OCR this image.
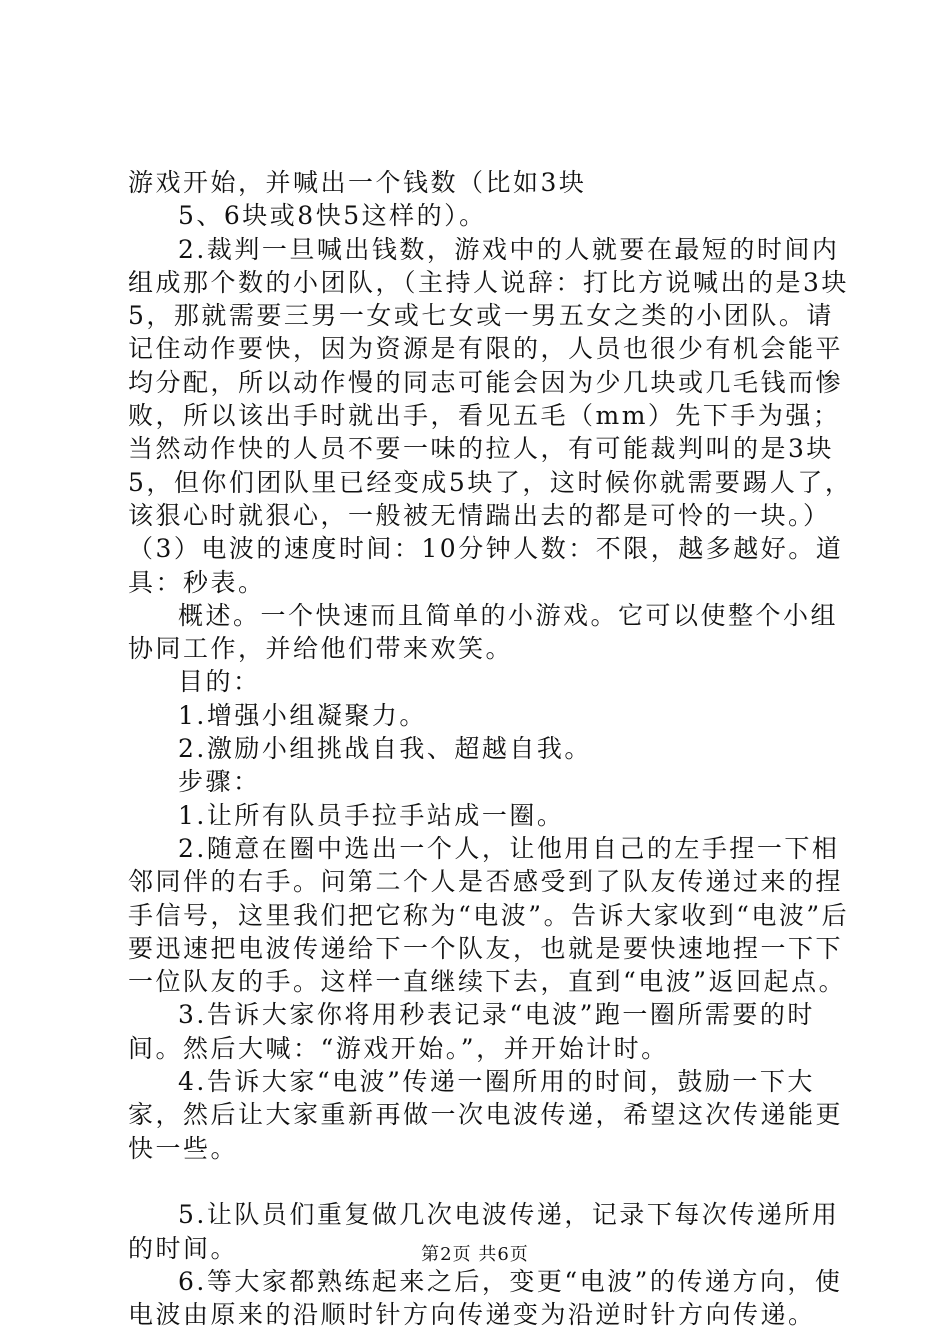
游戏开始，并喊出一个钱数（比如3块

5、6块或8快5这样的）。

2.裁判一旦喊出钱数，游戏中的人就要在最短的时间内组成那个数的小团队，（主持人说辞：打比方说喊出的是3块5，那就需要三男一女或七女或一男五女之类的小团队。请记住动作要快，因为资源是有限的，人员也很少有机会能平均分配，所以动作慢的同志可能会因为少几块或几毛钱而惨败，所以该出手时就出手，看见五毛（mm）先下手为强；当然动作快的人员不要一味的拉人，有可能裁判叫的是3块5，但你们团队里已经变成5块了，这时候你就需要踢人了，该狠心时就狠心，一般被无情踹出去的都是可怜的一块。）（3）电波的速度时间：10分钟人数：不限，越多越好。道具：秒表。

概述。一个快速而且简单的小游戏。它可以使整个小组协同工作，并给他们带来欢笑。

目的：

1.增强小组凝聚力。

2.激励小组挑战自我、超越自我。

步骤：

1.让所有队员手拉手站成一圈。

2.随意在圈中选出一个人，让他用自己的左手捏一下相邻同伴的右手。问第二个人是否感受到了队友传递过来的捏手信号，这里我们把它称为“电波”。告诉大家收到“电波”后要迅速把电波传递给下一个队友，也就是要快速地捏一下下一位队友的手。这样一直继续下去，直到“电波”返回起点。

3.告诉大家你将用秒表记录“电波”跑一圈所需要的时间。然后大喊：“游戏开始。”，并开始计时。

4.告诉大家“电波”传递一圈所用的时间，鼓励一下大家，然后让大家重新再做一次电波传递，希望这次传递能更快一些。

5.让队员们重复做几次电波传递，记录下每次传递所用的时间。

6.等大家都熟练起来之后，变更“电波”的传递方向，使电波由原来的沿顺时针方向传递变为沿逆时针方向传递。

第2页 共6页
